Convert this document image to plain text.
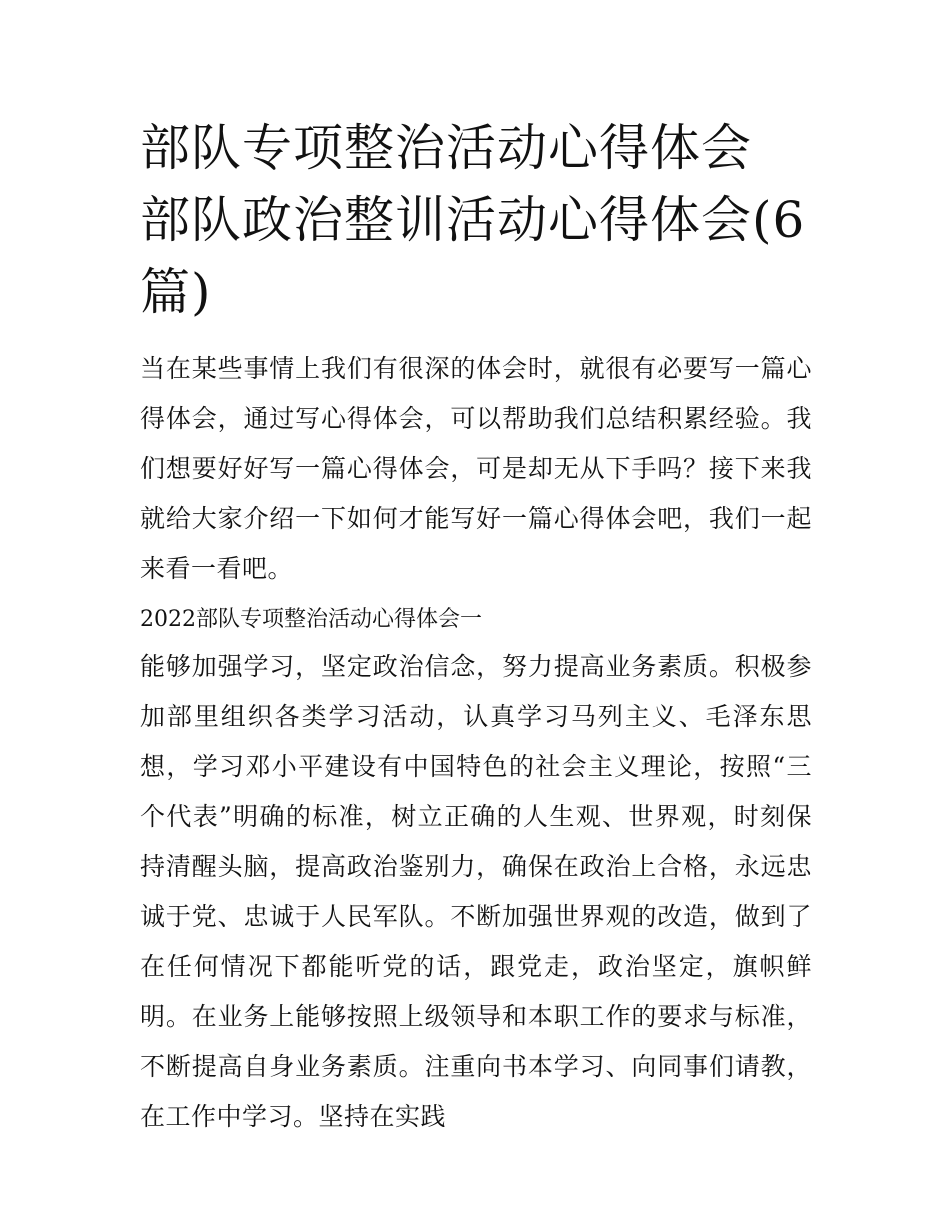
部队专项整治活动心得体会 部队政治整训活动心得体会(6篇)

当在某些事情上我们有很深的体会时，就很有必要写一篇心得体会，通过写心得体会，可以帮助我们总结积累经验。我们想要好好写一篇心得体会，可是却无从下手吗？接下来我就给大家介绍一下如何才能写好一篇心得体会吧，我们一起来看一看吧。

2022部队专项整治活动心得体会一

能够加强学习，坚定政治信念，努力提高业务素质。积极参加部里组织各类学习活动，认真学习马列主义、毛泽东思想，学习邓小平建设有中国特色的社会主义理论，按照“三个代表”明确的标准，树立正确的人生观、世界观，时刻保持清醒头脑，提高政治鉴别力，确保在政治上合格，永远忠诚于党、忠诚于人民军队。不断加强世界观的改造，做到了在任何情况下都能听党的话，跟党走，政治坚定，旗帜鲜明。在业务上能够按照上级领导和本职工作的要求与标准，不断提高自身业务素质。注重向书本学习、向同事们请教，在工作中学习。坚持在实践
